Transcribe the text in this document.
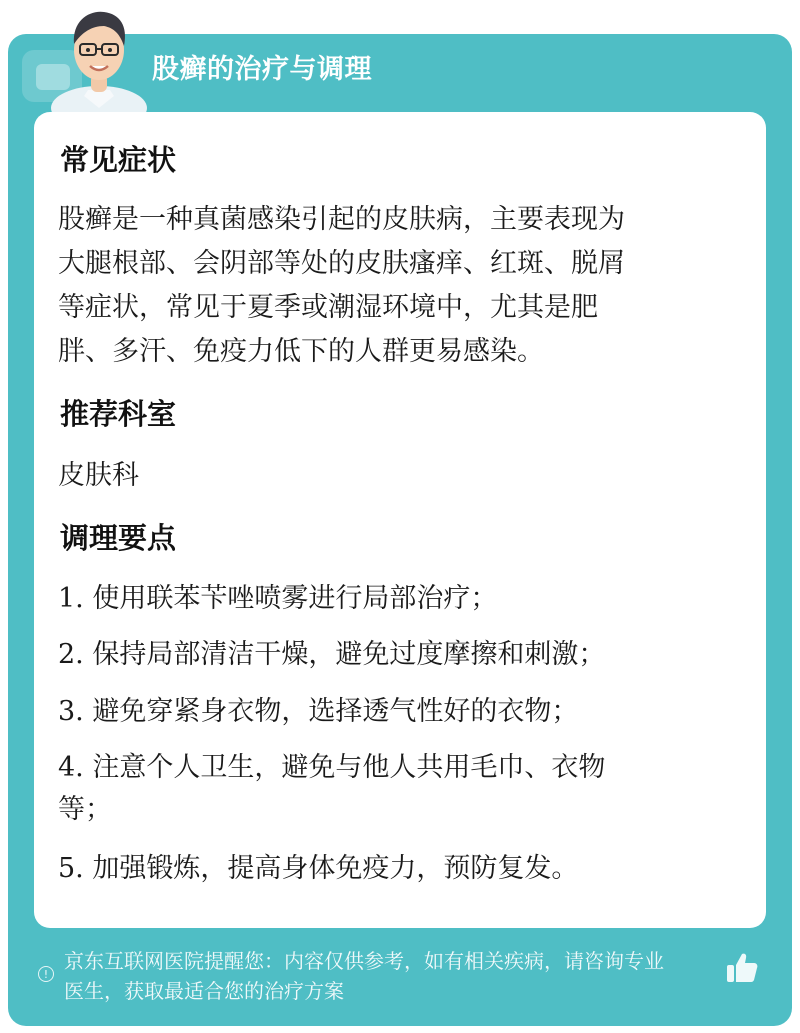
股癣的治疗与调理
常见症状
股癣是一种真菌感染引起的皮肤病，主要表现为
大腿根部、会阴部等处的皮肤瘙痒、红斑、脱屑
等症状，常见于夏季或潮湿环境中，尤其是肥
胖、多汗、免疫力低下的人群更易感染。
推荐科室
皮肤科
调理要点
1. 使用联苯苄唑喷雾进行局部治疗；
2. 保持局部清洁干燥，避免过度摩擦和刺激；
3. 避免穿紧身衣物，选择透气性好的衣物；
4. 注意个人卫生，避免与他人共用毛巾、衣物
等；
5. 加强锻炼，提高身体免疫力，预防复发。
!
京东互联网医院提醒您：内容仅供参考，如有相关疾病，请咨询专业
医生，获取最适合您的治疗方案
